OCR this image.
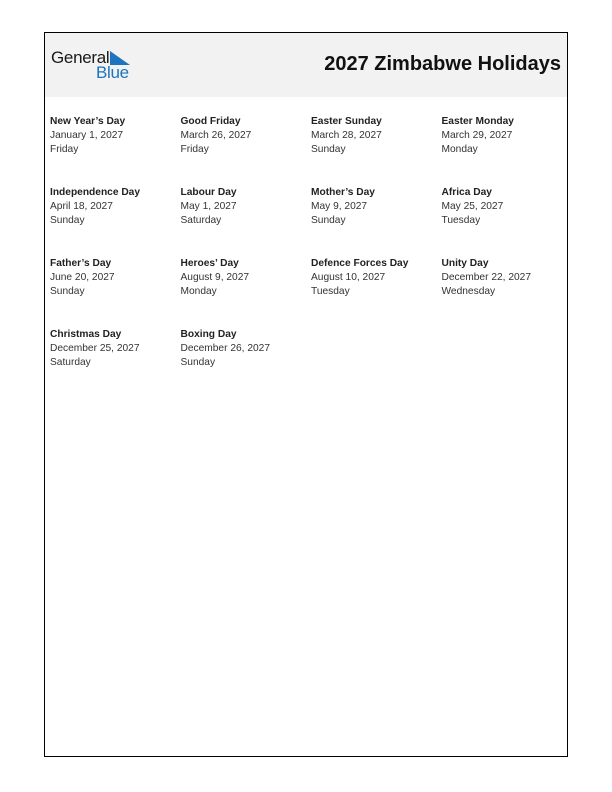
General
Blue	2027 Zimbabwe Holidays
New Year’s Day
January 1, 2027
Friday
Good Friday
March 26, 2027
Friday
Easter Sunday
March 28, 2027
Sunday
Easter Monday
March 29, 2027
Monday
Independence Day
April 18, 2027
Sunday
Labour Day
May 1, 2027
Saturday
Mother’s Day
May 9, 2027
Sunday
Africa Day
May 25, 2027
Tuesday
Father’s Day
June 20, 2027
Sunday
Heroes’ Day
August 9, 2027
Monday
Defence Forces Day
August 10, 2027
Tuesday
Unity Day
December 22, 2027
Wednesday
Christmas Day
December 25, 2027
Saturday
Boxing Day
December 26, 2027
Sunday
